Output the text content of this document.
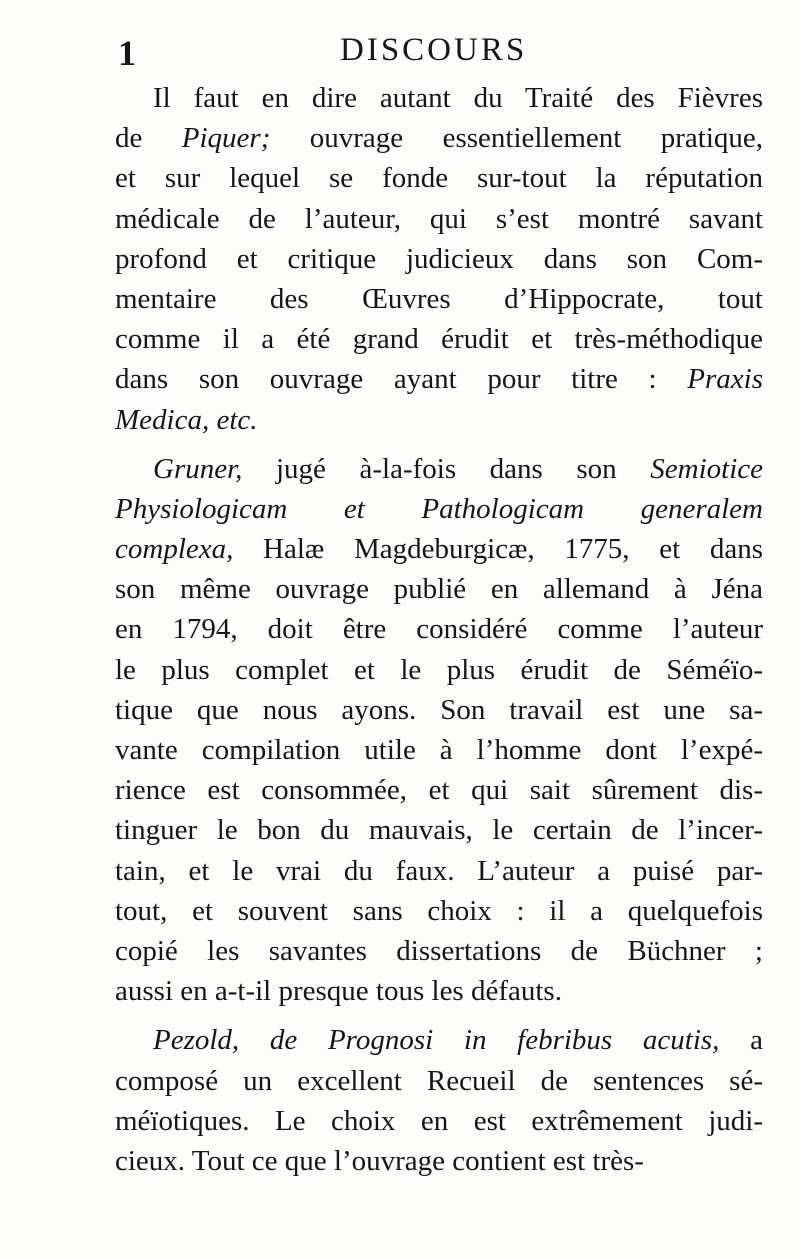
1	DISCOURS
Il faut en dire autant du Traité des Fièvres
de Piquer; ouvrage essentiellement pratique,
et sur lequel se fonde sur-tout la réputation
médicale de l’auteur, qui s’est montré savant
profond et critique judicieux dans son Com-
mentaire des Œuvres d’Hippocrate, tout
comme il a été grand érudit et très-méthodique
dans son ouvrage ayant pour titre : Praxis
Medica, etc.
Gruner, jugé à-la-fois dans son Semiotice
Physiologicam et Pathologicam generalem
complexa, Halæ Magdeburgicæ, 1775, et dans
son même ouvrage publié en allemand à Jéna
en 1794, doit être considéré comme l’auteur
le plus complet et le plus érudit de Séméïo-
tique que nous ayons. Son travail est une sa-
vante compilation utile à l’homme dont l’expé-
rience est consommée, et qui sait sûrement dis-
tinguer le bon du mauvais, le certain de l’incer-
tain, et le vrai du faux. L’auteur a puisé par-
tout, et souvent sans choix : il a quelquefois
copié les savantes dissertations de Büchner ;
aussi en a-t-il presque tous les défauts.
Pezold, de Prognosi in febribus acutis, a
composé un excellent Recueil de sentences sé-
méïotiques. Le choix en est extrêmement judi-
cieux. Tout ce que l’ouvrage contient est très-
